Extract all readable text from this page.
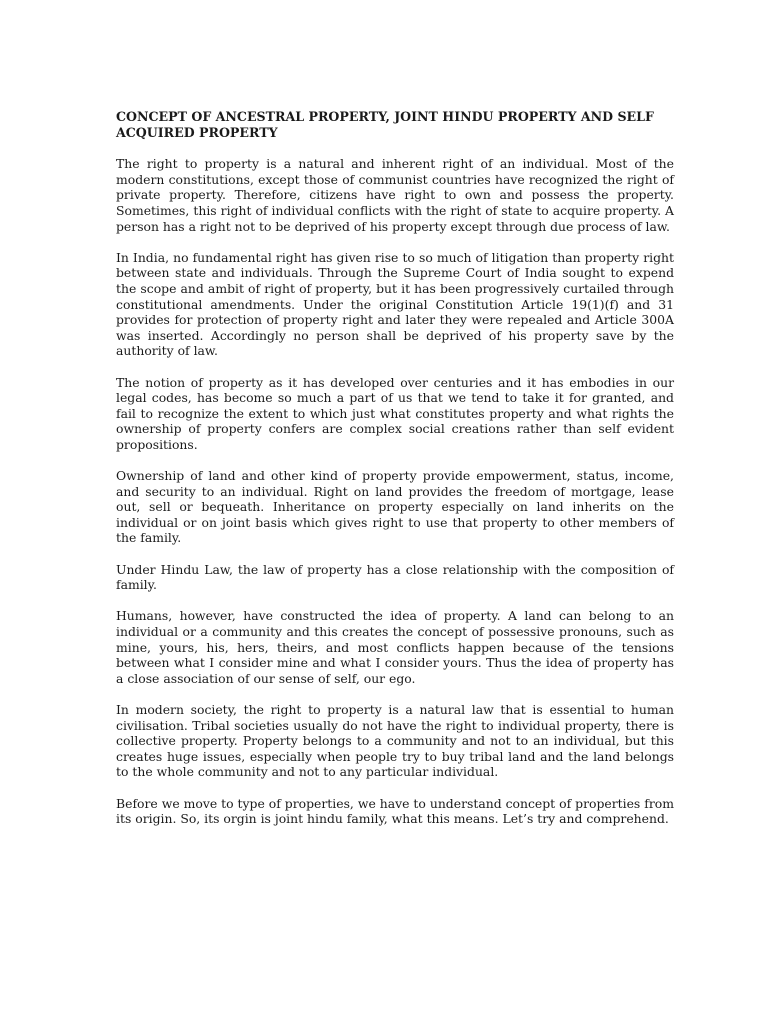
CONCEPT OF ANCESTRAL PROPERTY, JOINT HINDU PROPERTY AND SELF ACQUIRED PROPERTY

The right to property is a natural and inherent right of an individual. Most of the modern constitutions, except those of communist countries have recognized the right of private property. Therefore, citizens have right to own and possess the property. Sometimes, this right of individual conflicts with the right of state to acquire property. A person has a right not to be deprived of his property except through due process of law.

In India, no fundamental right has given rise to so much of litigation than property right between state and individuals. Through the Supreme Court of India sought to expend the scope and ambit of right of property, but it has been progressively curtailed through constitutional amendments. Under the original Constitution Article 19(1)(f) and 31 provides for protection of property right and later they were repealed and Article 300A was inserted. Accordingly no person shall be deprived of his property save by the authority of law.

The notion of property as it has developed over centuries and it has embodies in our legal codes, has become so much a part of us that we tend to take it for granted, and fail to recognize the extent to which just what constitutes property and what rights the ownership of property confers are complex social creations rather than self evident propositions.

Ownership of land and other kind of property provide empowerment, status, income, and security to an individual. Right on land provides the freedom of mortgage, lease out, sell or bequeath. Inheritance on property especially on land inherits on the individual or on joint basis which gives right to use that property to other members of the family.

Under Hindu Law, the law of property has a close relationship with the composition of family.

Humans, however, have constructed the idea of property. A land can belong to an individual or a community and this creates the concept of possessive pronouns, such as mine, yours, his, hers, theirs, and most conflicts happen because of the tensions between what I consider mine and what I consider yours. Thus the idea of property has a close association of our sense of self, our ego.

In modern society, the right to property is a natural law that is essential to human civilisation. Tribal societies usually do not have the right to individual property, there is collective property. Property belongs to a community and not to an individual, but this creates huge issues, especially when people try to buy tribal land and the land belongs to the whole community and not to any particular individual.

Before we move to type of properties, we have to understand concept of properties from its origin. So, its orgin is joint hindu family, what this means. Let’s try and comprehend.
